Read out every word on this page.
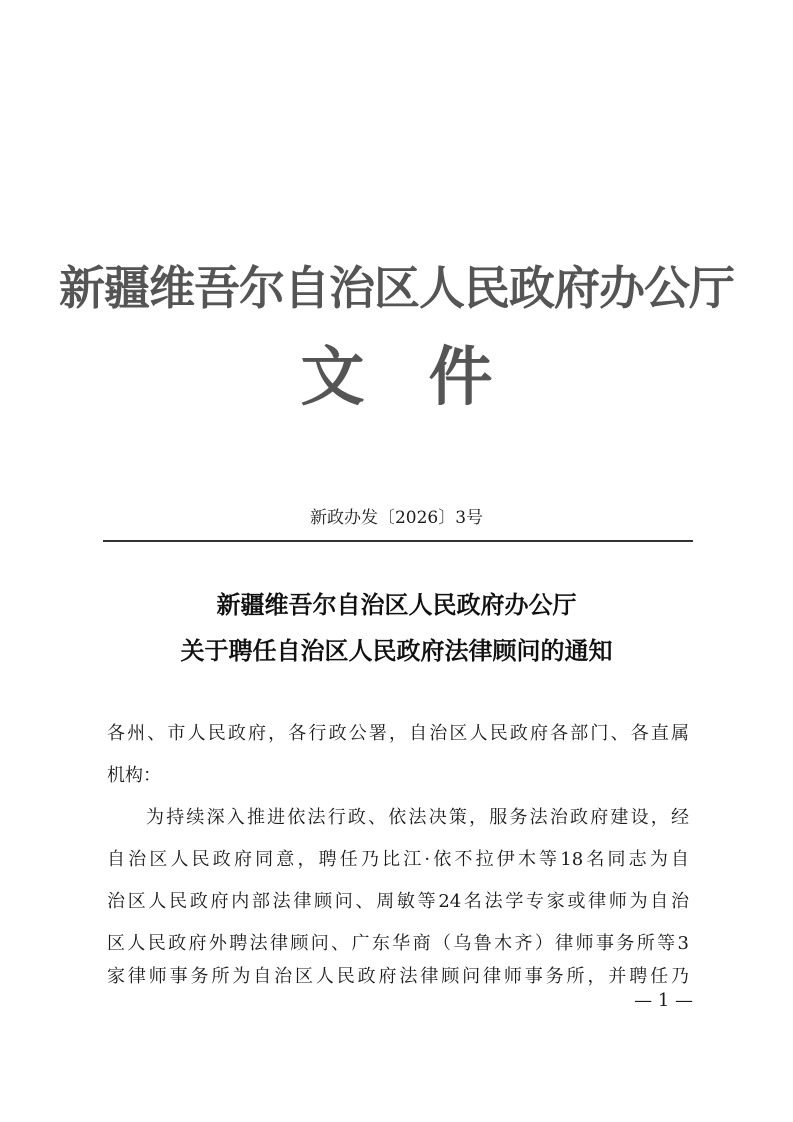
新疆维吾尔自治区人民政府办公厅
文件
新政办发〔2026〕3号
新疆维吾尔自治区人民政府办公厅
关于聘任自治区人民政府法律顾问的通知
各州、市人民政府，各行政公署，自治区人民政府各部门、各直属
机构：
为持续深入推进依法行政、依法决策，服务法治政府建设，经
自治区人民政府同意，聘任乃比江·依不拉伊木等18名同志为自
治区人民政府内部法律顾问、周敏等24名法学专家或律师为自治
区人民政府外聘法律顾问、广东华商（乌鲁木齐）律师事务所等3
家律师事务所为自治区人民政府法律顾问律师事务所，并聘任乃
— 1 —
